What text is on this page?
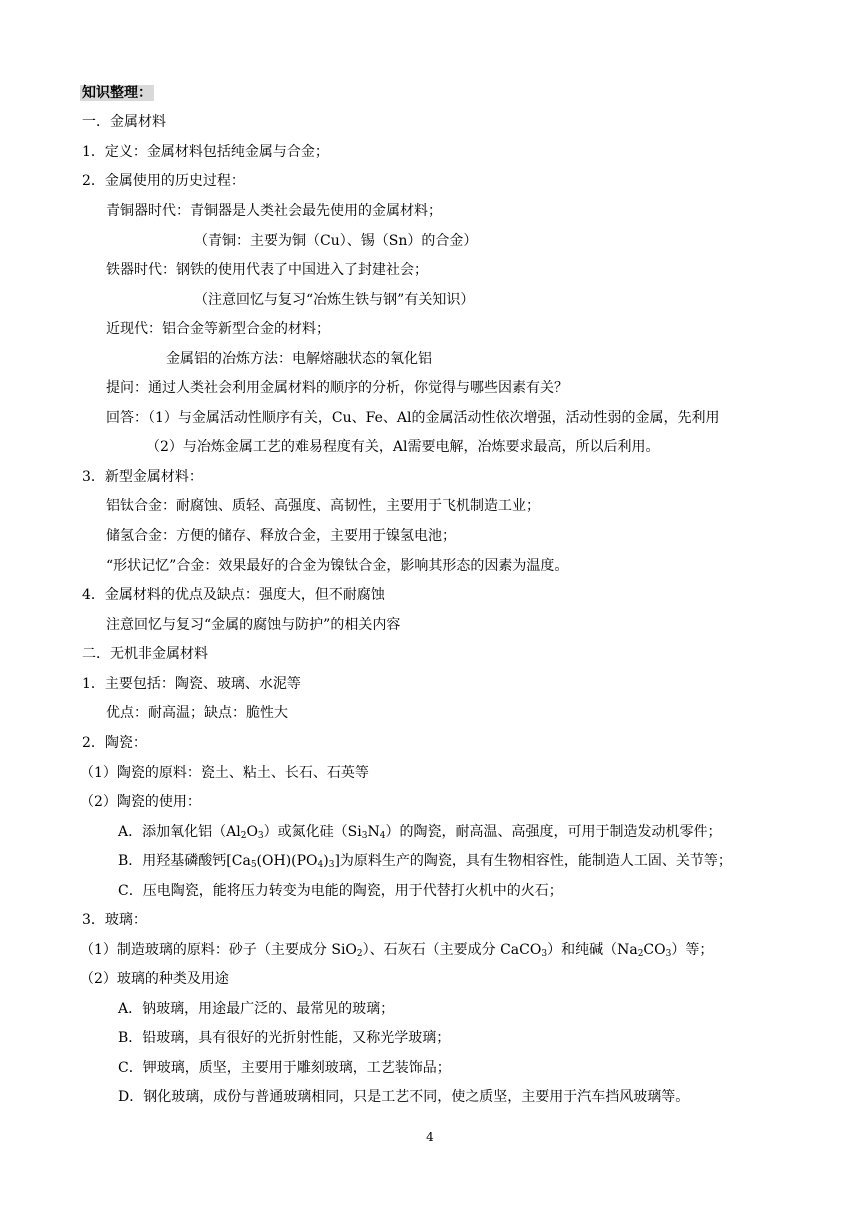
知识整理：
一．金属材料
1．定义：金属材料包括纯金属与合金；
2．金属使用的历史过程：
青铜器时代：青铜器是人类社会最先使用的金属材料；
（青铜：主要为铜（Cu）、锡（Sn）的合金）
铁器时代：钢铁的使用代表了中国进入了封建社会；
（注意回忆与复习“冶炼生铁与钢”有关知识）
近现代：铝合金等新型合金的材料；
金属铝的冶炼方法：电解熔融状态的氧化铝
提问：通过人类社会利用金属材料的顺序的分析，你觉得与哪些因素有关？
回答：（1）与金属活动性顺序有关，Cu、Fe、Al的金属活动性依次增强，活动性弱的金属，先利用
（2）与冶炼金属工艺的难易程度有关，Al需要电解，冶炼要求最高，所以后利用。
3．新型金属材料：
铝钛合金：耐腐蚀、质轻、高强度、高韧性，主要用于飞机制造工业；
储氢合金：方便的储存、释放合金，主要用于镍氢电池；
“形状记忆”合金：效果最好的合金为镍钛合金，影响其形态的因素为温度。
4．金属材料的优点及缺点：强度大，但不耐腐蚀
注意回忆与复习“金属的腐蚀与防护”的相关内容
二．无机非金属材料
1．主要包括：陶瓷、玻璃、水泥等
优点：耐高温；缺点：脆性大
2．陶瓷：
（1）陶瓷的原料：瓷土、粘土、长石、石英等
（2）陶瓷的使用：
A．添加氧化铝$(Al_2O_3)$或氮化硅$(Si_3N_4)$的陶瓷，耐高温、高强度，可用于制造发动机零件；
B．用羟基磷酸钙$[Ca_5(OH)(PO_4)_3]$为原料生产的陶瓷，具有生物相容性，能制造人工固、关节等；
C．压电陶瓷，能将压力转变为电能的陶瓷，用于代替打火机中的火石；
3．玻璃：
（1）制造玻璃的原料：砂子（主要成分 SiO$_2$）、石灰石（主要成分 CaCO$_3$）和纯碱$(Na_2CO_3)$等；
（2）玻璃的种类及用途
A．钠玻璃，用途最广泛的、最常见的玻璃；
B．铅玻璃，具有很好的光折射性能，又称光学玻璃；
C．钾玻璃，质坚，主要用于雕刻玻璃，工艺装饰品；
D．钢化玻璃，成份与普通玻璃相同，只是工艺不同，使之质坚，主要用于汽车挡风玻璃等。
4
